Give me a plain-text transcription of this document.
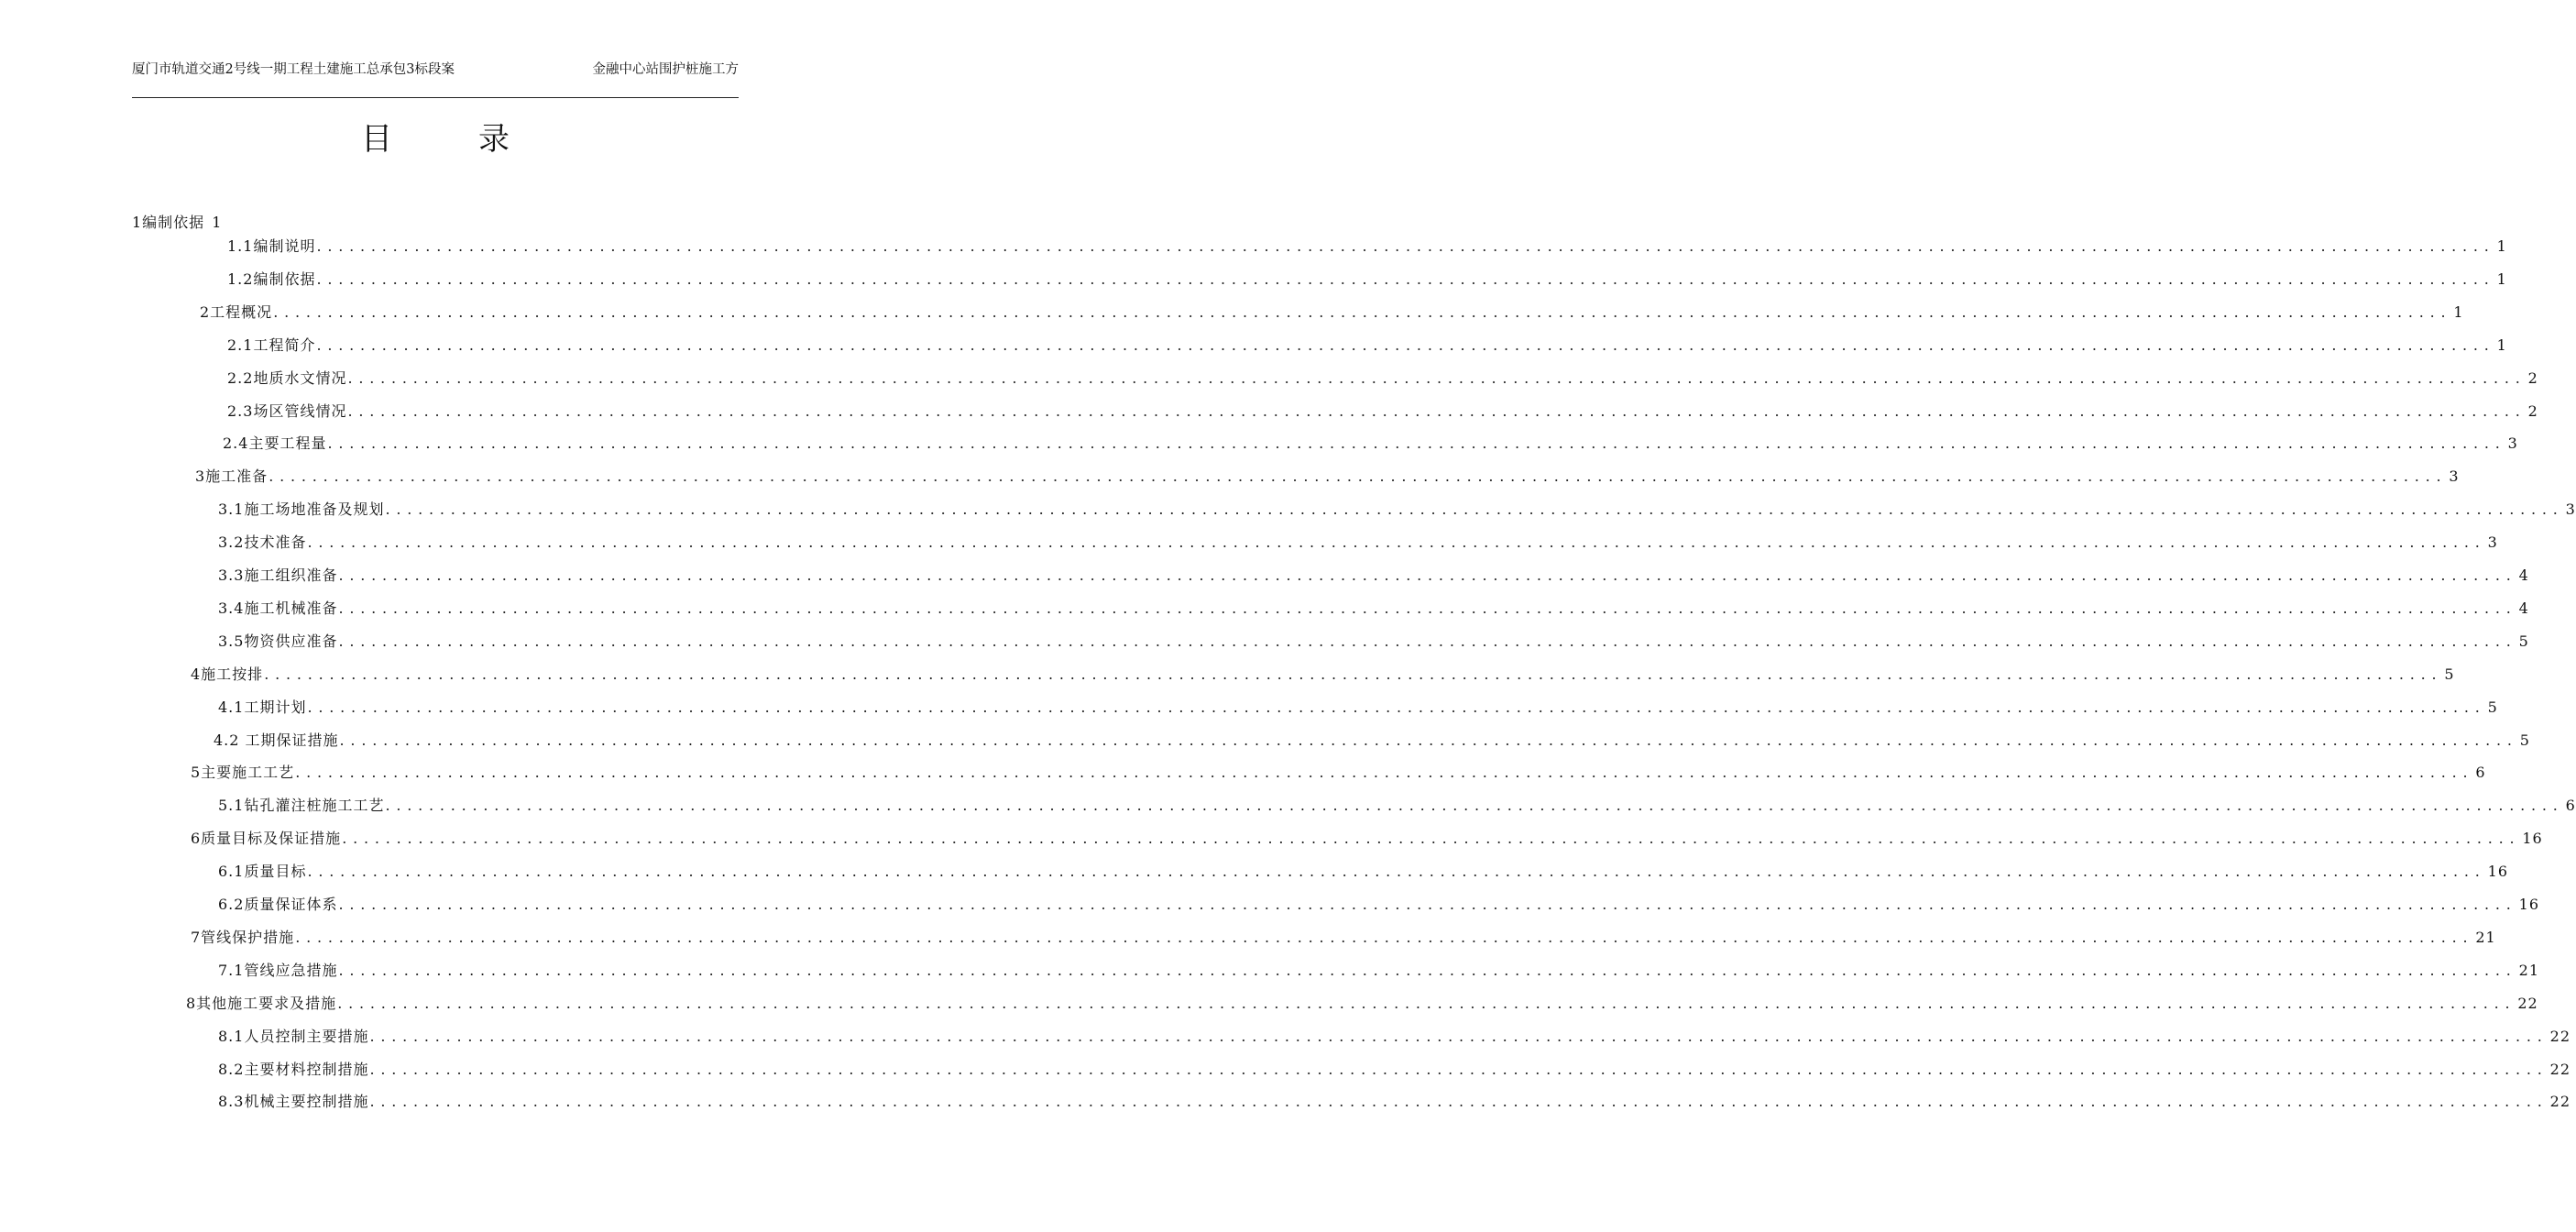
厦门市轨道交通2号线一期工程土建施工总承包3标段案	金融中心站围护桩施工方
目　录
1编制依据 1
1.1编制说明 ........................................................................................................................................................................................................ 1
1.2编制依据 ........................................................................................................................................................................................................ 1
2工程概况 ........................................................................................................................................................................................................ 1
2.1工程简介 ........................................................................................................................................................................................................ 1
2.2地质水文情况 ........................................................................................................................................................................................................ 2
2.3场区管线情况 ........................................................................................................................................................................................................ 2
2.4主要工程量 ........................................................................................................................................................................................................ 3
3施工准备 ........................................................................................................................................................................................................ 3
3.1施工场地准备及规划 ........................................................................................................................................................................................................ 3
3.2技术准备 ........................................................................................................................................................................................................ 3
3.3施工组织准备 ........................................................................................................................................................................................................ 4
3.4施工机械准备 ........................................................................................................................................................................................................ 4
3.5物资供应准备 ........................................................................................................................................................................................................ 5
4施工按排 ........................................................................................................................................................................................................ 5
4.1工期计划 ........................................................................................................................................................................................................ 5
4.2 工期保证措施 ........................................................................................................................................................................................................ 5
5主要施工工艺 ........................................................................................................................................................................................................ 6
5.1钻孔灌注桩施工工艺 ........................................................................................................................................................................................................ 6
6质量目标及保证措施 ........................................................................................................................................................................................................ 16
6.1质量目标 ........................................................................................................................................................................................................ 16
6.2质量保证体系 ........................................................................................................................................................................................................ 16
7管线保护措施 ........................................................................................................................................................................................................ 21
7.1管线应急措施 ........................................................................................................................................................................................................ 21
8其他施工要求及措施 ........................................................................................................................................................................................................ 22
8.1人员控制主要措施 ........................................................................................................................................................................................................ 22
8.2主要材料控制措施 ........................................................................................................................................................................................................ 22
8.3机械主要控制措施 ........................................................................................................................................................................................................ 22
